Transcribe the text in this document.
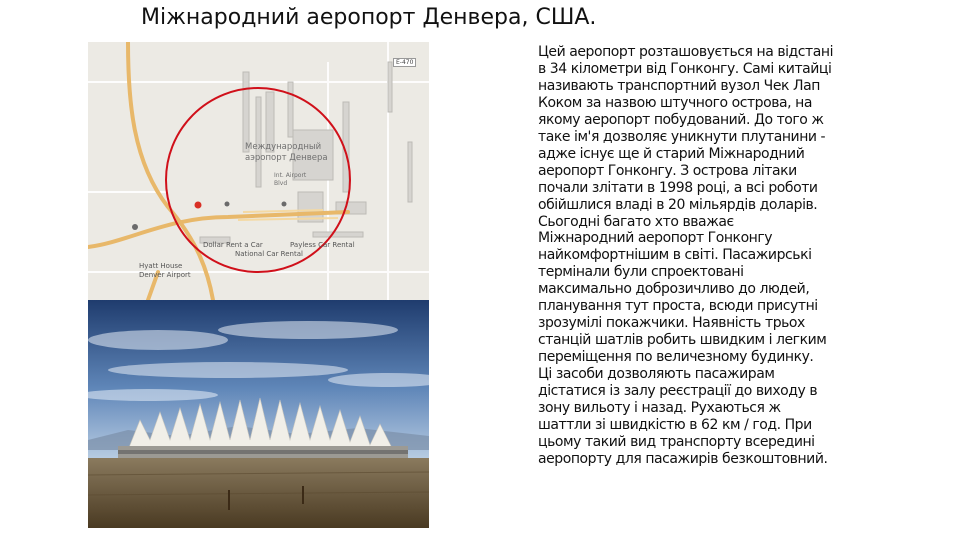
Міжнародний аеропорт Денвера, США.
E-470
Международный
аэропорт Денвера
Int. Airport
Blvd
Dollar Rent a Car	Payless Car Rental
National Car Rental
Hyatt House
Denver Airport
Цей аеропорт розташовується на відстані
в 34 кілометри від Гонконгу. Самі китайці
називають транспортний вузол Чек Лап
Коком за назвою штучного острова, на
якому аеропорт побудований. До того ж
таке ім'я дозволяє уникнути плутанини -
адже існує ще й старий Міжнародний
аеропорт Гонконгу. З острова літаки
почали злітати в 1998 році, а всі роботи
обійшлися владі в 20 мільярдів доларів.
Сьогодні багато хто вважає
Міжнародний аеропорт Гонконгу
найкомфортнішим в світі. Пасажирські
термінали були спроектовані
максимально доброзичливо до людей,
планування тут проста, всюди присутні
зрозумілі покажчики. Наявність трьох
станцій шатлів робить швидким і легким
переміщення по величезному будинку.
Ці засоби дозволяють пасажирам
дістатися із залу реєстрації до виходу в
зону вильоту і назад. Рухаються ж
шаттли зі швидкістю в 62 км / год. При
цьому такий вид транспорту всередині
аеропорту для пасажирів безкоштовний.
